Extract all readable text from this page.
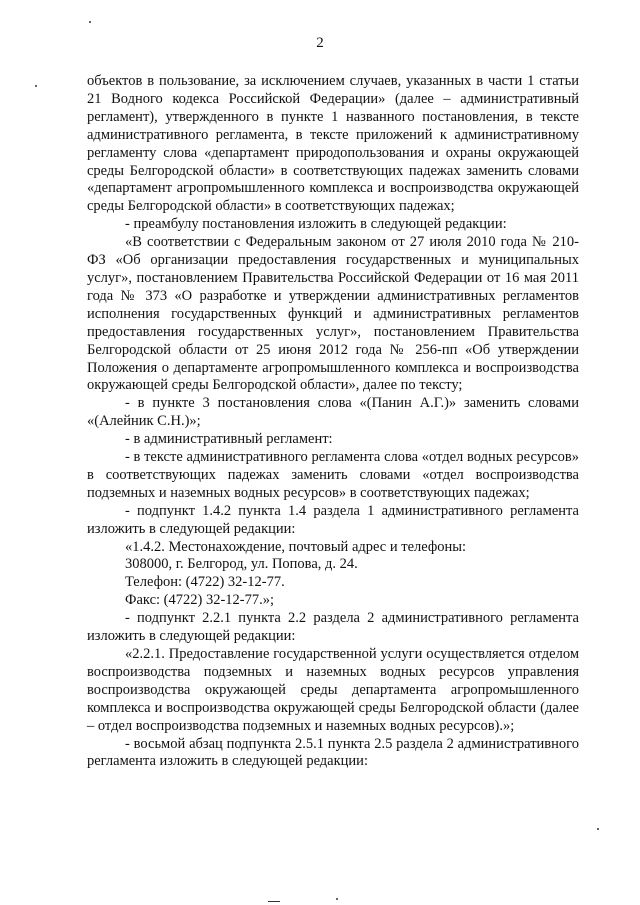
2

объектов в пользование, за исключением случаев, указанных в части 1 статьи 21 Водного кодекса Российской Федерации» (далее – административный регламент), утвержденного в пункте 1 названного постановления, в тексте административного регламента, в тексте приложений к административному регламенту слова «департамент природопользования и охраны окружающей среды Белгородской области» в соответствующих падежах заменить словами «департамент агропромышленного комплекса и воспроизводства окружающей среды Белгородской области» в соответствующих падежах;

- преамбулу постановления изложить в следующей редакции:

«В соответствии с Федеральным законом от 27 июля 2010 года № 210-ФЗ «Об организации предоставления государственных и муниципальных услуг», постановлением Правительства Российской Федерации от 16 мая 2011 года № 373 «О разработке и утверждении административных регламентов исполнения государственных функций и административных регламентов предоставления государственных услуг», постановлением Правительства Белгородской области от 25 июня 2012 года № 256-пп «Об утверждении Положения о департаменте агропромышленного комплекса и воспроизводства окружающей среды Белгородской области», далее по тексту;

- в пункте 3 постановления слова «(Панин А.Г.)» заменить словами «(Алейник С.Н.)»;

- в административный регламент:

- в тексте административного регламента слова «отдел водных ресурсов» в соответствующих падежах заменить словами «отдел воспроизводства подземных и наземных водных ресурсов» в соответствующих падежах;

- подпункт 1.4.2 пункта 1.4 раздела 1 административного регламента изложить в следующей редакции:

«1.4.2. Местонахождение, почтовый адрес и телефоны:

308000, г. Белгород, ул. Попова, д. 24.

Телефон: (4722) 32-12-77.

Факс: (4722) 32-12-77.»;

- подпункт 2.2.1 пункта 2.2 раздела 2 административного регламента изложить в следующей редакции:

«2.2.1. Предоставление государственной услуги осуществляется отделом воспроизводства подземных и наземных водных ресурсов управления воспроизводства окружающей среды департамента агропромышленного комплекса и воспроизводства окружающей среды Белгородской области (далее – отдел воспроизводства подземных и наземных водных ресурсов).»;

- восьмой абзац подпункта 2.5.1 пункта 2.5 раздела 2 административного регламента изложить в следующей редакции:
